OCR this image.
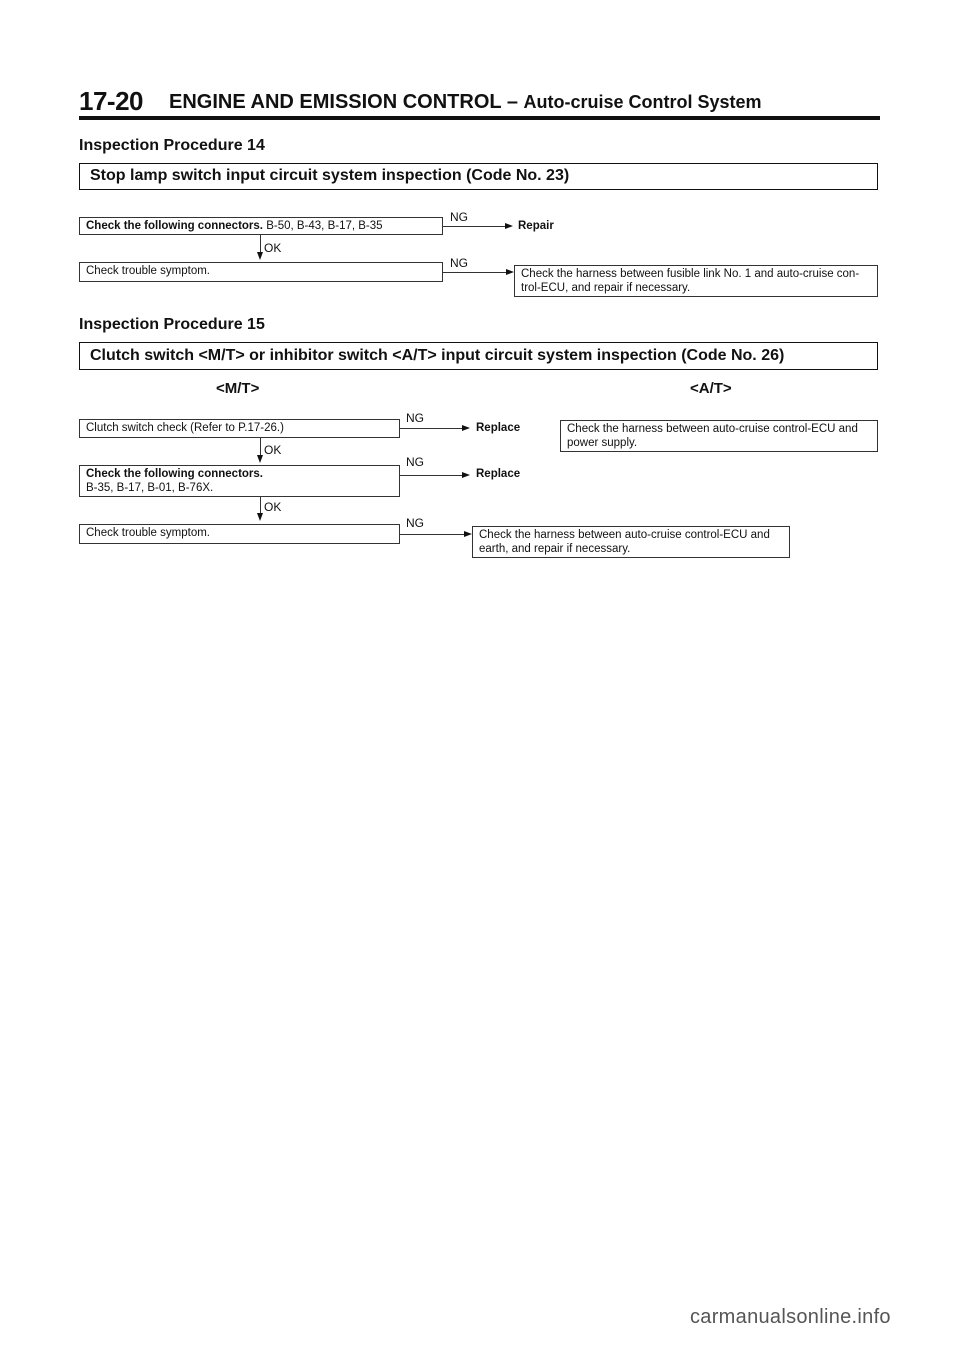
17-20 ENGINE AND EMISSION CONTROL – Auto-cruise Control System
Inspection Procedure 14
Stop lamp switch input circuit system inspection (Code No. 23)
Check the following connectors. B-50, B-43, B-17, B-35
NG
Repair
OK
Check trouble symptom.
NG
Check the harness between fusible link No. 1 and auto-cruise con- trol-ECU, and repair if necessary.
Inspection Procedure 15
Clutch switch <M/T> or inhibitor switch <A/T> input circuit system inspection (Code No. 26)
<M/T>	<A/T>
Clutch switch check (Refer to P.17-26.)
NG
Replace
OK
Check the following connectors.
B-35, B-17, B-01, B-76X.
NG
Replace
OK
Check trouble symptom.
NG
Check the harness between auto-cruise control-ECU and earth, and repair if necessary.
Check the harness between auto-cruise control-ECU and power supply.
carmanualsonline.info
